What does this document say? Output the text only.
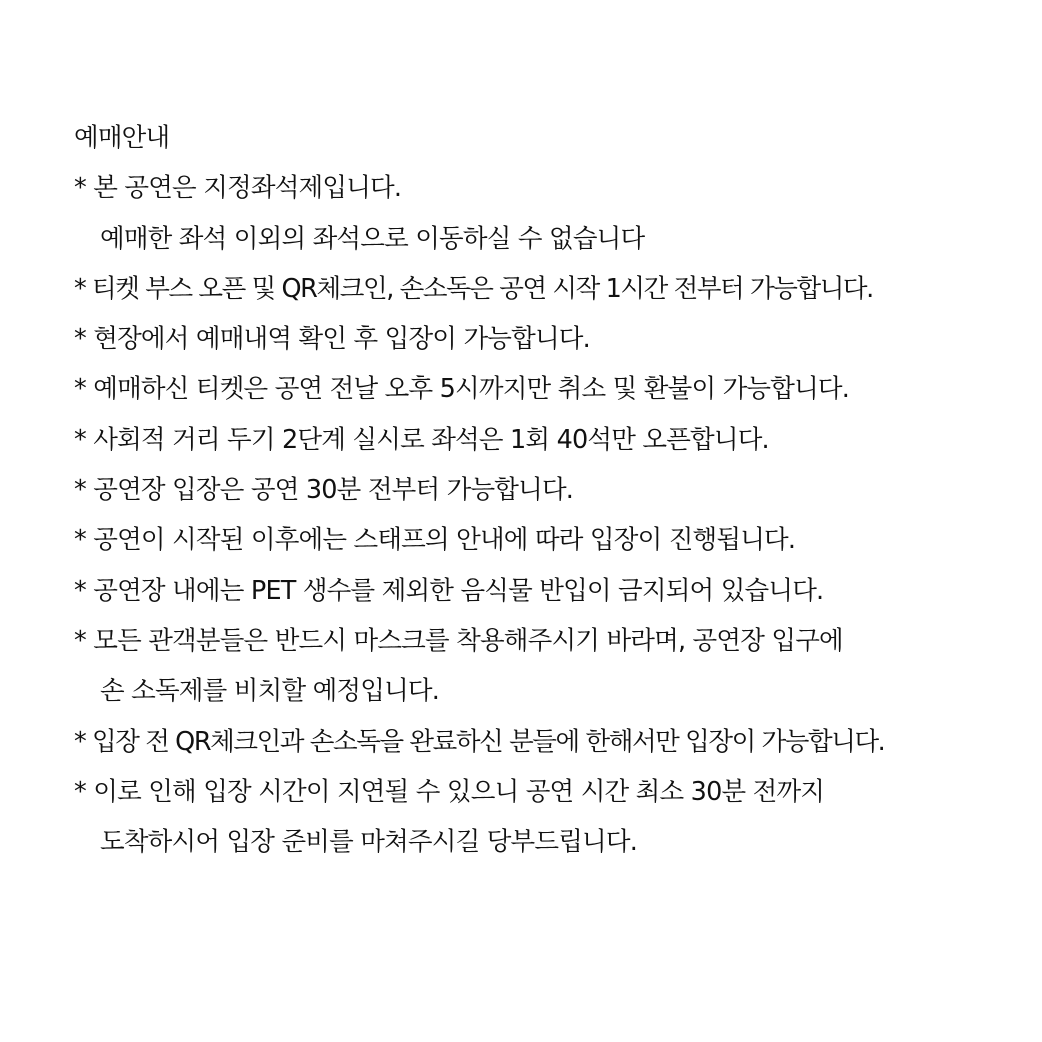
예매안내
* 본 공연은 지정좌석제입니다.
예매한 좌석 이외의 좌석으로 이동하실 수 없습니다
* 티켓 부스 오픈 및 QR체크인, 손소독은 공연 시작 1시간 전부터 가능합니다.
* 현장에서 예매내역 확인 후 입장이 가능합니다.
* 예매하신 티켓은 공연 전날 오후 5시까지만 취소 및 환불이 가능합니다.
* 사회적 거리 두기 2단계 실시로 좌석은 1회 40석만 오픈합니다.
* 공연장 입장은 공연 30분 전부터 가능합니다.
* 공연이 시작된 이후에는 스태프의 안내에 따라 입장이 진행됩니다.
* 공연장 내에는 PET 생수를 제외한 음식물 반입이 금지되어 있습니다.
* 모든 관객분들은 반드시 마스크를 착용해주시기 바라며, 공연장 입구에
손 소독제를 비치할 예정입니다.
* 입장 전 QR체크인과 손소독을 완료하신 분들에 한해서만 입장이 가능합니다.
* 이로 인해 입장 시간이 지연될 수 있으니 공연 시간 최소 30분 전까지
도착하시어 입장 준비를 마쳐주시길 당부드립니다.
